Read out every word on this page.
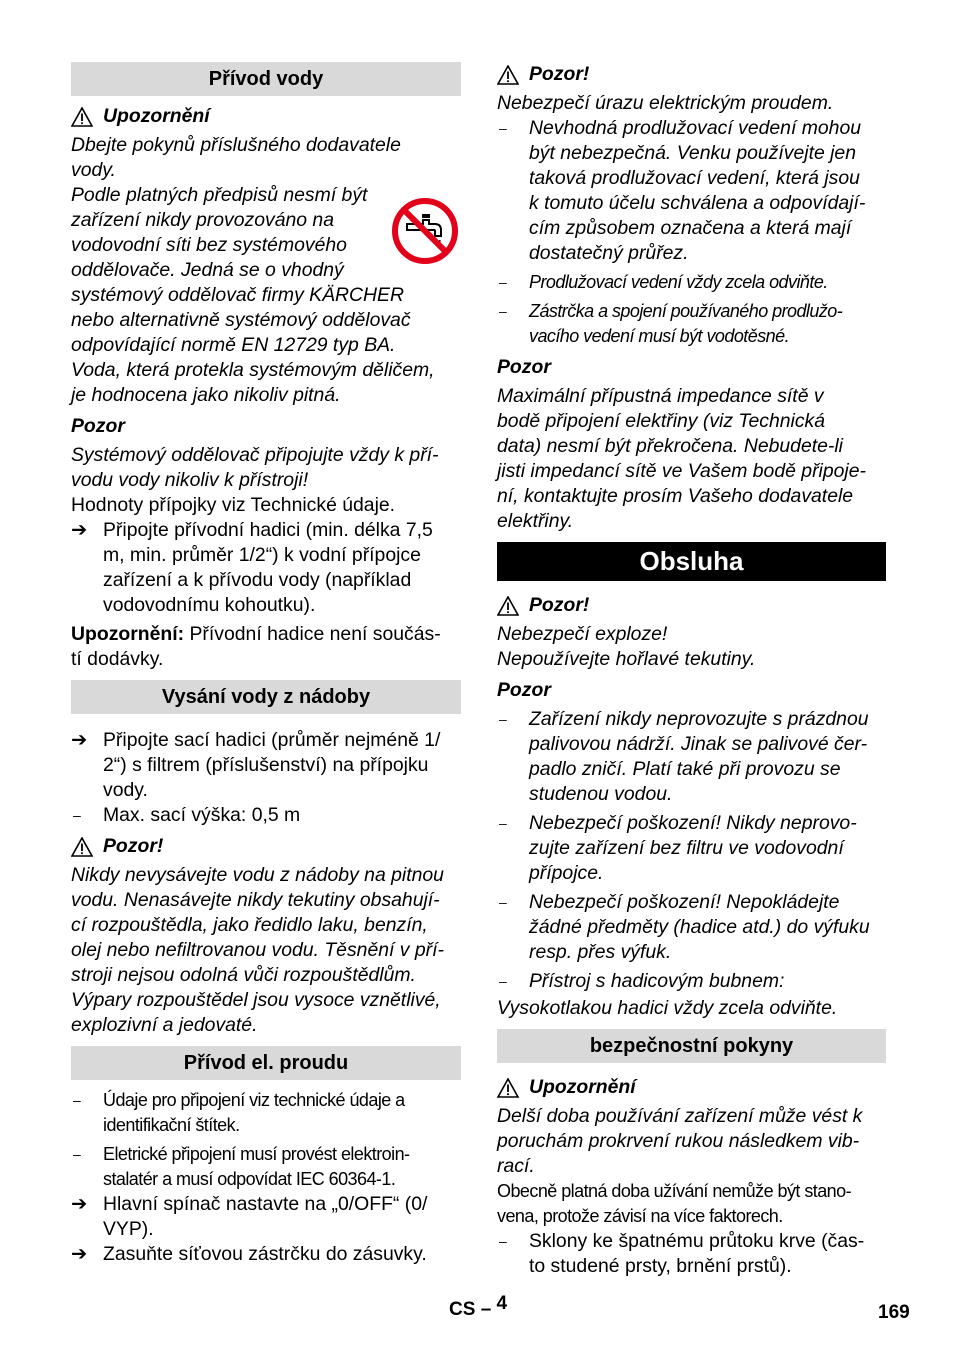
Přívod vody
Upozornění

Dbejte pokynů příslušného dodavatele

vody.

Podle platných předpisů nesmí být

zařízení nikdy provozováno na

vodovodní síti bez systémového

oddělovače. Jedná se o vhodný

systémový oddělovač firmy KÄRCHER

nebo alternativně systémový oddělovač

odpovídající normě EN 12729 typ BA.

Voda, která protekla systémovým děličem,

je hodnocena jako nikoliv pitná.

Pozor

Systémový oddělovač připojujte vždy k pří-

vodu vody nikoliv k přístroji!

Hodnoty přípojky viz Technické údaje.

➔ Připojte přívodní hadici (min. délka 7,5

m, min. průměr 1/2“) k vodní přípojce

zařízení a k přívodu vody (například

vodovodnímu kohoutku).

Upozornění: Přívodní hadice není součás-

tí dodávky.

Vysání vody z nádoby
➔ Připojte sací hadici (průměr nejméně 1/

2“) s filtrem (příslušenství) na přípojku

vody.

–	Max. sací výška: 0,5 m

Pozor!

Nikdy nevysávejte vodu z nádoby na pitnou

vodu. Nenasávejte nikdy tekutiny obsahují-

cí rozpouštědla, jako ředidlo laku, benzín,

olej nebo nefiltrovanou vodu. Těsnění v pří-

stroji nejsou odolná vůči rozpouštědlům.

Výpary rozpouštědel jsou vysoce vznětlivé,

explozivní a jedovaté.

Přívod el. proudu
–	Údaje pro připojení viz technické údaje a

identifikační štítek.

–	Eletrické připojení musí provést elektroin-

stalatér a musí odpovídat IEC 60364-1.

➔ Hlavní spínač nastavte na „0/OFF“ (0/

VYP).

➔ Zasuňte síťovou zástrčku do zásuvky.

Pozor!

Nebezpečí úrazu elektrickým proudem.

–	Nevhodná prodlužovací vedení mohou

být nebezpečná. Venku používejte jen

taková prodlužovací vedení, která jsou

k tomuto účelu schválena a odpovídají-

cím způsobem označena a která mají

dostatečný průřez.

–	Prodlužovací vedení vždy zcela odviňte.

–	Zástrčka a spojení používaného prodlužo-

vacího vedení musí být vodotěsné.

Pozor

Maximální přípustná impedance sítě v

bodě připojení elektřiny (viz Technická

data) nesmí být překročena. Nebudete-li

jisti impedancí sítě ve Vašem bodě připoje-

ní, kontaktujte prosím Vašeho dodavatele

elektřiny.

Obsluha
Pozor!

Nebezpečí exploze!

Nepoužívejte hořlavé tekutiny.

Pozor

–	Zařízení nikdy neprovozujte s prázdnou

palivovou nádrží. Jinak se palivové čer-

padlo zničí. Platí také při provozu se

studenou vodou.

–	Nebezpečí poškození! Nikdy neprovo-

zujte zařízení bez filtru ve vodovodní

přípojce.

–	Nebezpečí poškození! Nepokládejte

žádné předměty (hadice atd.) do výfuku

resp. přes výfuk.

–	Přístroj s hadicovým bubnem:

Vysokotlakou hadici vždy zcela odviňte.

bezpečnostní pokyny
Upozornění

Delší doba používání zařízení může vést k

poruchám prokrvení rukou následkem vib-

rací.

Obecně platná doba užívání nemůže být stano-

vena, protože závisí na více faktorech.

–	Sklony ke špatnému průtoku krve (čas-

to studené prsty, brnění prstů).

CS – 4	169
